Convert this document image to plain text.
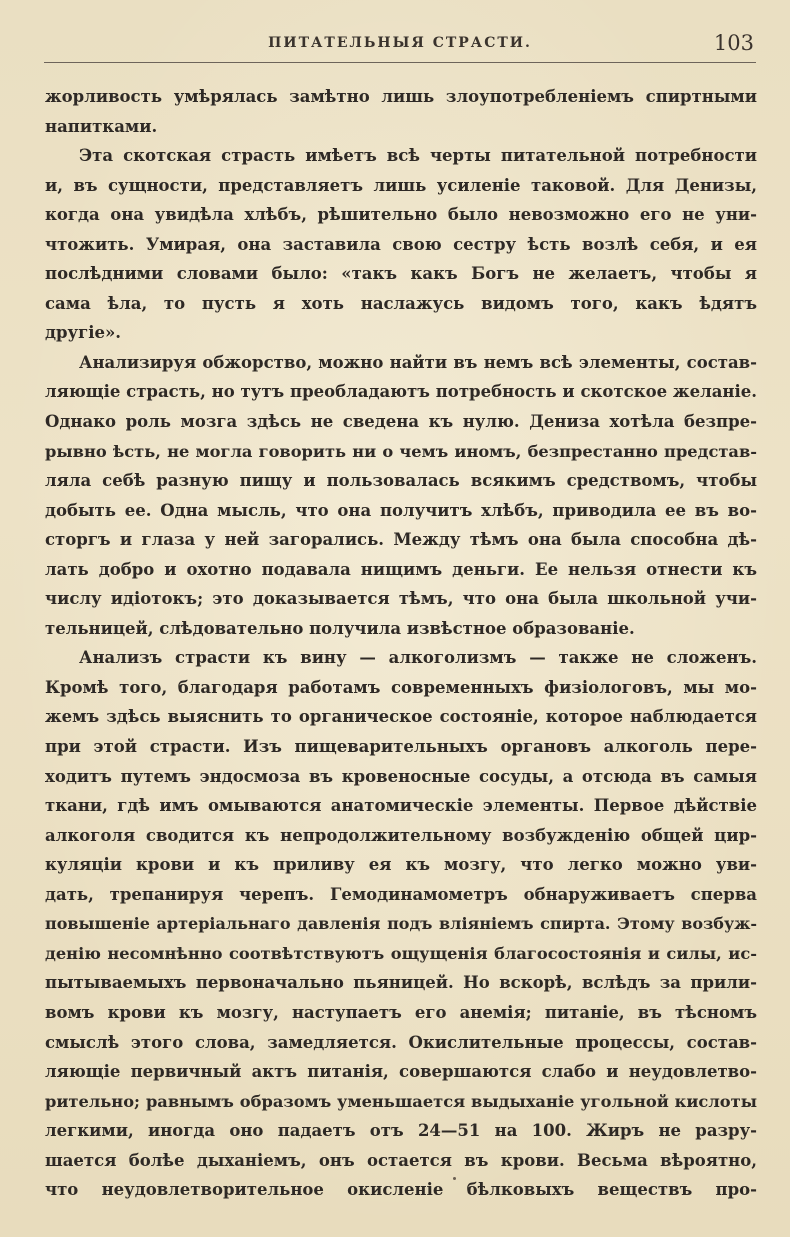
ПИТАТЕЛЬНЫЯ СТРАСТИ.	103
жорливость умѣрялась замѣтно лишь злоупотребленіемъ спиртными
напитками.
Эта скотская страсть имѣетъ всѣ черты питательной потребности
и, въ сущности, представляетъ лишь усиленіе таковой. Для Денизы,
когда она увидѣла хлѣбъ, рѣшительно было невозможно его не уни-
чтожить. Умирая, она заставила свою сестру ѣсть возлѣ себя, и ея
послѣдними словами было: «такъ какъ Богъ не желаетъ, чтобы я
сама ѣла, то пусть я хоть наслажусь видомъ того, какъ ѣдятъ
другіе».
Анализируя обжорство, можно найти въ немъ всѣ элементы, состав-
ляющіе страсть, но тутъ преобладаютъ потребность и скотское желаніе.
Однако роль мозга здѣсь не сведена къ нулю. Дениза хотѣла безпре-
рывно ѣсть, не могла говорить ни о чемъ иномъ, безпрестанно представ-
ляла себѣ разную пищу и пользовалась всякимъ средствомъ, чтобы
добыть ее. Одна мысль, что она получитъ хлѣбъ, приводила ее въ во-
сторгъ и глаза у ней загорались. Между тѣмъ она была способна дѣ-
лать добро и охотно подавала нищимъ деньги. Ее нельзя отнести къ
числу идіотокъ; это доказывается тѣмъ, что она была школьной учи-
тельницей, слѣдовательно получила извѣстное образованіе.
Анализъ страсти къ вину — алкоголизмъ — также не сложенъ.
Кромѣ того, благодаря работамъ современныхъ физіологовъ, мы мо-
жемъ здѣсь выяснить то органическое состояніе, которое наблюдается
при этой страсти. Изъ пищеварительныхъ органовъ алкоголь пере-
ходитъ путемъ эндосмоза въ кровеносные сосуды, а отсюда въ самыя
ткани, гдѣ имъ омываются анатомическіе элементы. Первое дѣйствіе
алкоголя сводится къ непродолжительному возбужденію общей цир-
куляціи крови и къ приливу ея къ мозгу, что легко можно уви-
дать, трепанируя черепъ. Гемодинамометръ обнаруживаетъ сперва
повышеніе артеріальнаго давленія подъ вліяніемъ спирта. Этому возбуж-
денію несомнѣнно соотвѣтствуютъ ощущенія благосостоянія и силы, ис-
пытываемыхъ первоначально пьяницей. Но вскорѣ, вслѣдъ за прили-
вомъ крови къ мозгу, наступаетъ его анемія; питаніе, въ тѣсномъ
смыслѣ этого слова, замедляется. Окислительные процессы, состав-
ляющіе первичный актъ питанія, совершаются слабо и неудовлетво-
рительно; равнымъ образомъ уменьшается выдыханіе угольной кислоты
легкими, иногда оно падаетъ отъ 24—51 на 100. Жиръ не разру-
шается болѣе дыханіемъ, онъ остается въ крови. Весьма вѣроятно,
что неудовлетворительное окисленіе бѣлковыхъ веществъ про-
